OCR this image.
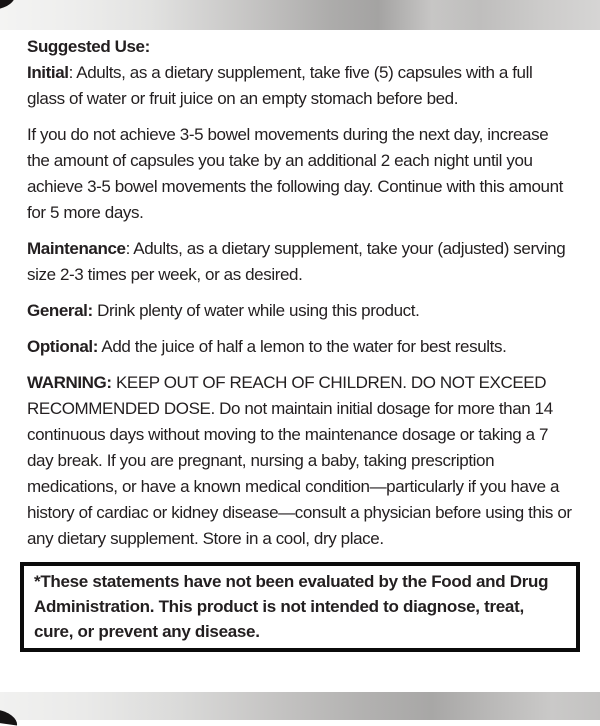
Suggested Use:

Initial: Adults, as a dietary supplement, take five (5) capsules with a full glass of water or fruit juice on an empty stomach before bed.

If you do not achieve 3-5 bowel movements during the next day, increase the amount of capsules you take by an additional 2 each night until you achieve 3-5 bowel movements the following day. Continue with this amount for 5 more days.

Maintenance: Adults, as a dietary supplement, take your (adjusted) serving size 2-3 times per week, or as desired.

General: Drink plenty of water while using this product.

Optional: Add the juice of half a lemon to the water for best results.

WARNING: KEEP OUT OF REACH OF CHILDREN. DO NOT EXCEED RECOMMENDED DOSE. Do not maintain initial dosage for more than 14 continuous days without moving to the maintenance dosage or taking a 7 day break. If you are pregnant, nursing a baby, taking prescription medications, or have a known medical condition—particularly if you have a history of cardiac or kidney disease—consult a physician before using this or any dietary supplement. Store in a cool, dry place.

*These statements have not been evaluated by the Food and Drug Administration. This product is not intended to diagnose, treat, cure, or prevent any disease.
